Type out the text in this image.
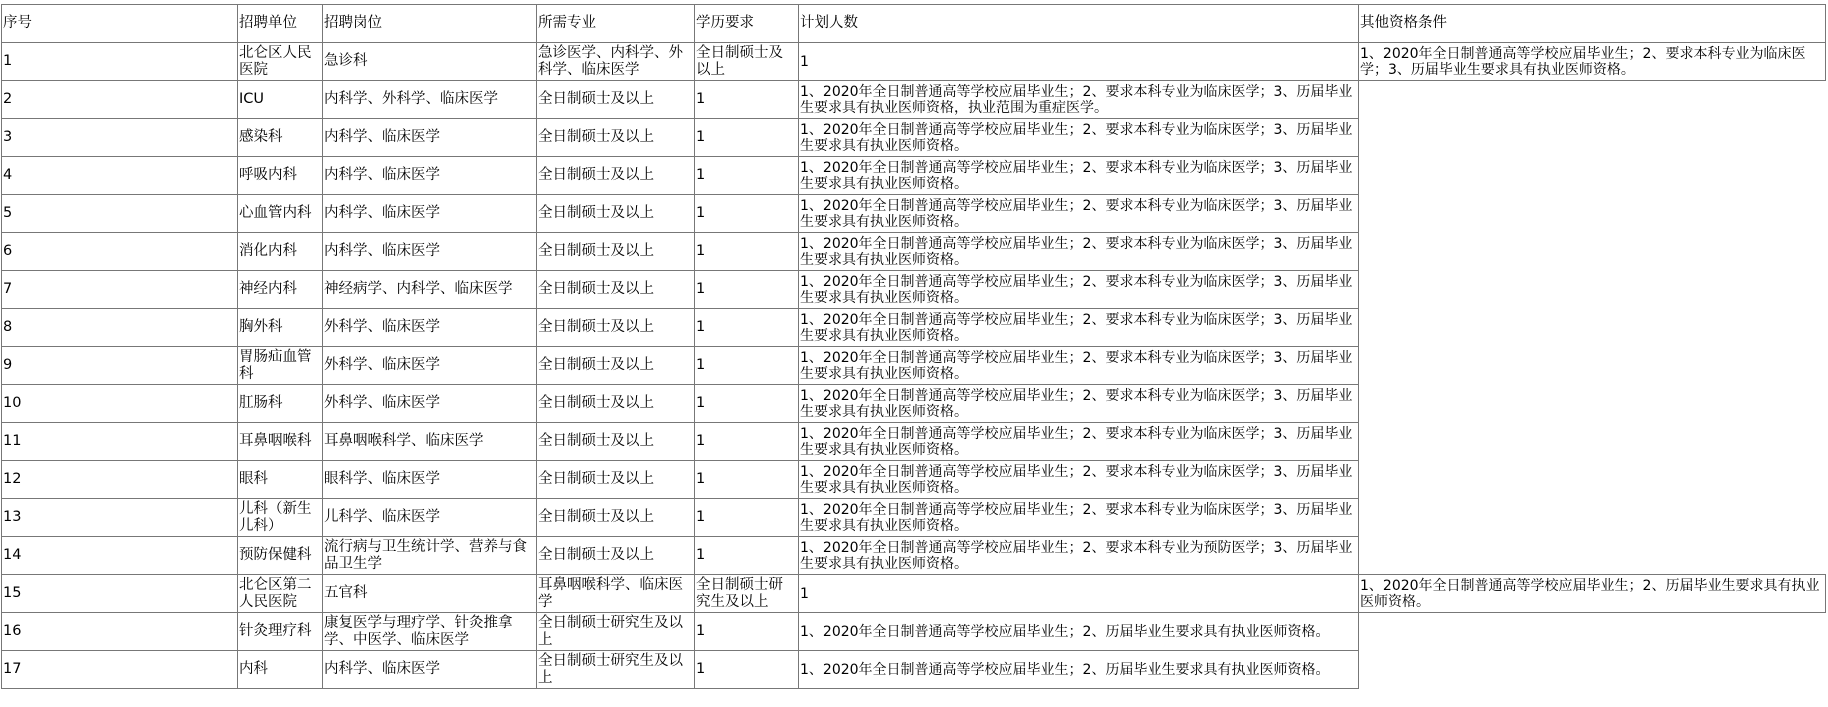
序号	招聘单位	招聘岗位	所需专业	学历要求	计划人数	其他资格条件
1	北仑区人民医院	急诊科	急诊医学、内科学、外科学、临床医学	全日制硕士及以上	1	1、2020年全日制普通高等学校应届毕业生；2、要求本科专业为临床医学；3、历届毕业生要求具有执业医师资格。
2	ICU	内科学、外科学、临床医学	全日制硕士及以上	1	1、2020年全日制普通高等学校应届毕业生；2、要求本科专业为临床医学；3、历届毕业生要求具有执业医师资格，执业范围为重症医学。	
3	感染科	内科学、临床医学	全日制硕士及以上	1	1、2020年全日制普通高等学校应届毕业生；2、要求本科专业为临床医学；3、历届毕业生要求具有执业医师资格。	
4	呼吸内科	内科学、临床医学	全日制硕士及以上	1	1、2020年全日制普通高等学校应届毕业生；2、要求本科专业为临床医学；3、历届毕业生要求具有执业医师资格。	
5	心血管内科	内科学、临床医学	全日制硕士及以上	1	1、2020年全日制普通高等学校应届毕业生；2、要求本科专业为临床医学；3、历届毕业生要求具有执业医师资格。	
6	消化内科	内科学、临床医学	全日制硕士及以上	1	1、2020年全日制普通高等学校应届毕业生；2、要求本科专业为临床医学；3、历届毕业生要求具有执业医师资格。	
7	神经内科	神经病学、内科学、临床医学	全日制硕士及以上	1	1、2020年全日制普通高等学校应届毕业生；2、要求本科专业为临床医学；3、历届毕业生要求具有执业医师资格。	
8	胸外科	外科学、临床医学	全日制硕士及以上	1	1、2020年全日制普通高等学校应届毕业生；2、要求本科专业为临床医学；3、历届毕业生要求具有执业医师资格。	
9	胃肠疝血管科	外科学、临床医学	全日制硕士及以上	1	1、2020年全日制普通高等学校应届毕业生；2、要求本科专业为临床医学；3、历届毕业生要求具有执业医师资格。	
10	肛肠科	外科学、临床医学	全日制硕士及以上	1	1、2020年全日制普通高等学校应届毕业生；2、要求本科专业为临床医学；3、历届毕业生要求具有执业医师资格。	
11	耳鼻咽喉科	耳鼻咽喉科学、临床医学	全日制硕士及以上	1	1、2020年全日制普通高等学校应届毕业生；2、要求本科专业为临床医学；3、历届毕业生要求具有执业医师资格。	
12	眼科	眼科学、临床医学	全日制硕士及以上	1	1、2020年全日制普通高等学校应届毕业生；2、要求本科专业为临床医学；3、历届毕业生要求具有执业医师资格。	
13	儿科（新生儿科）	儿科学、临床医学	全日制硕士及以上	1	1、2020年全日制普通高等学校应届毕业生；2、要求本科专业为临床医学；3、历届毕业生要求具有执业医师资格。	
14	预防保健科	流行病与卫生统计学、营养与食品卫生学	全日制硕士及以上	1	1、2020年全日制普通高等学校应届毕业生；2、要求本科专业为预防医学；3、历届毕业生要求具有执业医师资格。	
15	北仑区第二人民医院	五官科	耳鼻咽喉科学、临床医学	全日制硕士研究生及以上	1	1、2020年全日制普通高等学校应届毕业生；2、历届毕业生要求具有执业医师资格。
16	针灸理疗科	康复医学与理疗学、针灸推拿学、中医学、临床医学	全日制硕士研究生及以上	1	1、2020年全日制普通高等学校应届毕业生；2、历届毕业生要求具有执业医师资格。	
17	内科	内科学、临床医学	全日制硕士研究生及以上	1	1、2020年全日制普通高等学校应届毕业生；2、历届毕业生要求具有执业医师资格。	
